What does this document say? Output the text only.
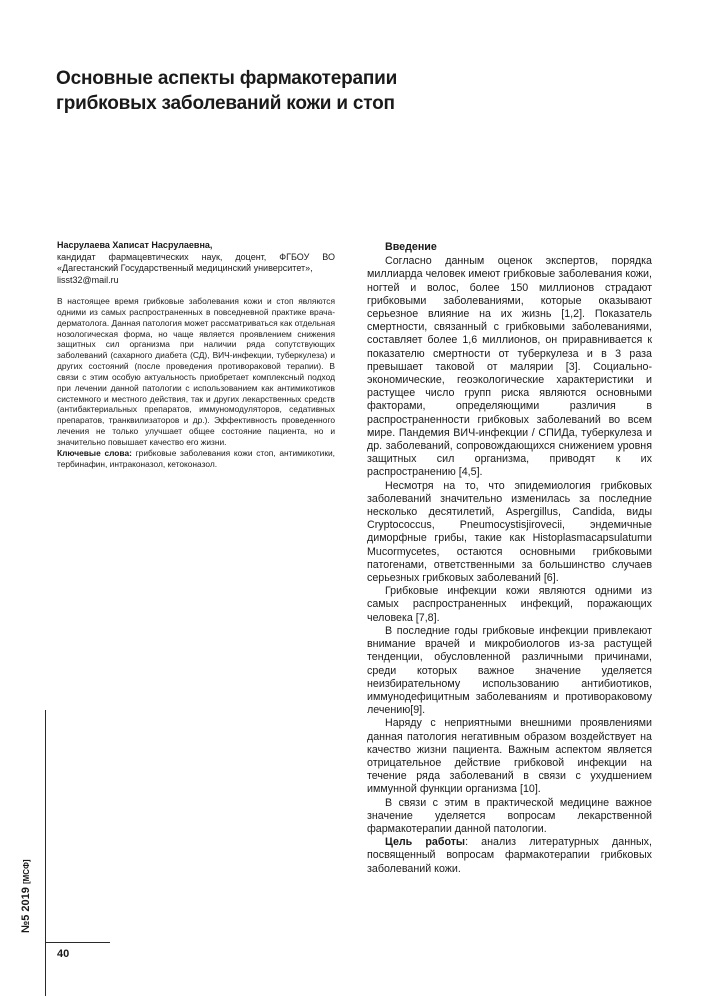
Основные аспекты фармакотерапии
грибковых заболеваний кожи и стоп
Насрулаева Хаписат Насрулаевна,

кандидат фармацевтических наук, доцент, ФГБОУ ВО «Дагестанский Государственный медицинский университет»,

lisst32@mail.ru

В настоящее время грибковые заболевания кожи и стоп являются одними из самых распространенных в повседневной практике врача-дерматолога. Данная патология может рассматриваться как отдельная нозологическая форма, но чаще является проявлением снижения защитных сил организма при наличии ряда сопутствующих заболеваний (сахарного диабета (СД), ВИЧ-инфекции, туберкулеза) и других состояний (после проведения противораковой терапии). В связи с этим особую актуальность приобретает комплексный подход при лечении данной патологии с использованием как антимикотиков системного и местного действия, так и других лекарственных средств (антибактериальных препаратов, иммуномодуляторов, седативных препаратов, транквилизаторов и др.). Эффективность проведенного лечения не только улучшает общее состояние пациента, но и значительно повышает качество его жизни.

Ключевые слова: грибковые заболевания кожи стоп, антимикотики, тербинафин, интраконазол, кетоконазол.

Введение

Согласно данным оценок экспертов, порядка миллиарда человек имеют грибковые заболевания кожи, ногтей и волос, более 150 миллионов страдают грибковыми заболеваниями, которые оказывают серьезное влияние на их жизнь [1,2]. Показатель смертности, связанный с грибковыми заболеваниями, составляет более 1,6 миллионов, он приравнивается к показателю смертности от туберкулеза и в 3 раза превышает таковой от малярии [3]. Социально-экономические, геоэкологические характеристики и растущее число групп риска являются основными факторами, определяющими различия в распространенности грибковых заболеваний во всем мире. Пандемия ВИЧ-инфекции / СПИДа, туберкулеза и др. заболеваний, сопровождающихся снижением уровня защитных сил организма, приводят к их распространению [4,5].

Несмотря на то, что эпидемиология грибковых заболеваний значительно изменилась за последние несколько десятилетий, Aspergillus, Candida, виды Cryptococcus, Pneumocystisjirovecii, эндемичные диморфные грибы, такие как Histoplasmacapsulatumи Mucormycetes, остаются основными грибковыми патогенами, ответственными за большинство случаев серьезных грибковых заболеваний [6].

Грибковые инфекции кожи являются одними из самых распространенных инфекций, поражающих человека [7,8].

В последние годы грибковые инфекции привлекают внимание врачей и микробиологов из-за растущей тенденции, обусловленной различными причинами, среди которых важное значение уделяется неизбирательному использованию антибиотиков, иммунодефицитным заболеваниям и противораковому лечению[9].

Наряду с неприятными внешними проявлениями данная патология негативным образом воздействует на качество жизни пациента. Важным аспектом является отрицательное действие грибковой инфекции на течение ряда заболеваний в связи с ухудшением иммунной функции организма [10].

В связи с этим в практической медицине важное значение уделяется вопросам лекарственной фармакотерапии данной патологии.

Цель работы: анализ литературных данных, посвященный вопросам фармакотерапии грибковых заболеваний кожи.

№5 2019 [МСФ]
40
